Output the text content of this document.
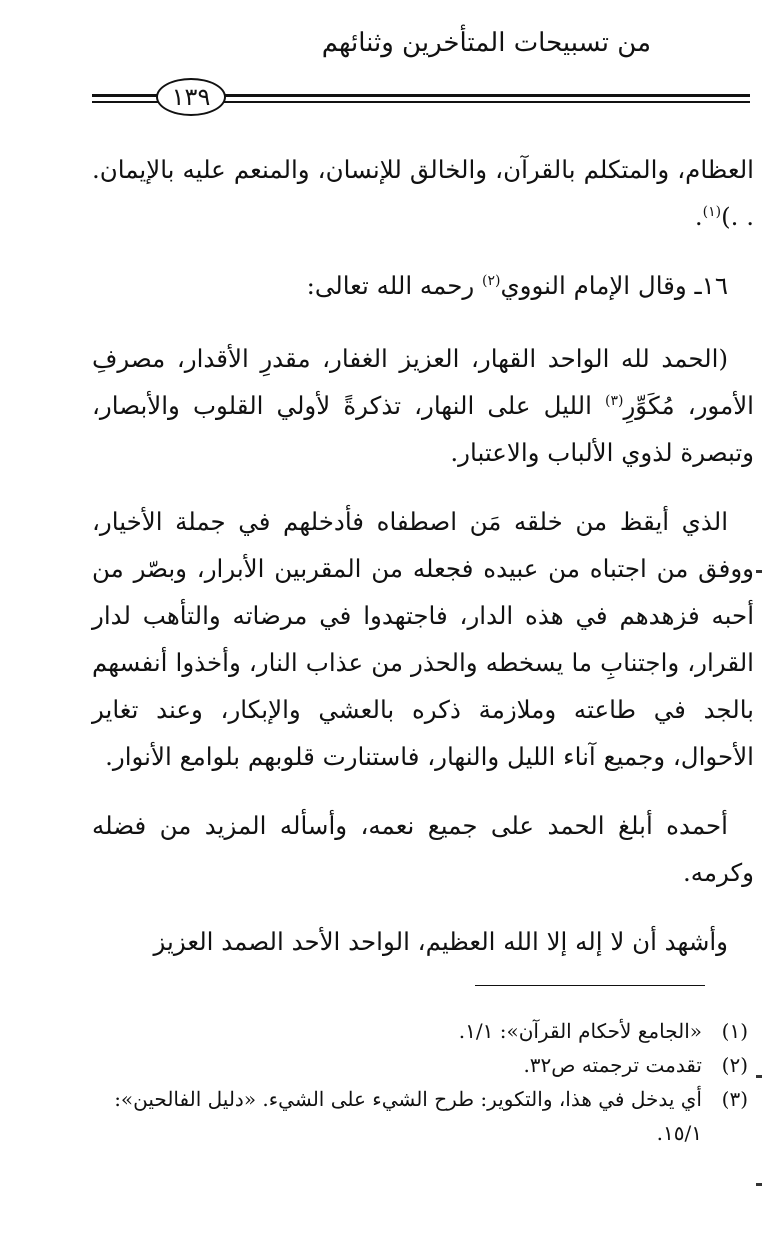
من تسبيحات المتأخرين وثنائهم
١٣٩

العظام، والمتكلم بالقرآن، والخالق للإنسان، والمنعم عليه بالإيمان. . .)$^{(١)}$.

١٦ـ وقال الإمام النووي$^{(٢)}$ رحمه الله تعالى:

(الحمد لله الواحد القهار، العزيز الغفار، مقدرِ الأقدار، مصرفِ الأمور، مُكَوِّرِ$^{(٣)}$ الليل على النهار، تذكرةً لأولي القلوب والأبصار، وتبصرة لذوي الألباب والاعتبار.

الذي أيقظ من خلقه مَن اصطفاه فأدخلهم في جملة الأخيار، ووفق من اجتباه من عبيده فجعله من المقربين الأبرار، وبصّر من أحبه فزهدهم في هذه الدار، فاجتهدوا في مرضاته والتأهب لدار القرار، واجتنابِ ما يسخطه والحذر من عذاب النار، وأخذوا أنفسهم بالجد في طاعته وملازمة ذكره بالعشي والإبكار، وعند تغاير الأحوال، وجميع آناء الليل والنهار، فاستنارت قلوبهم بلوامع الأنوار.

أحمده أبلغ الحمد على جميع نعمه، وأسأله المزيد من فضله وكرمه.

وأشهد أن لا إله إلا الله العظيم، الواحد الأحد الصمد العزيز

(١)
«الجامع لأحكام القرآن»: ١/١.
(٢)
تقدمت ترجمته ص٣٢.
(٣)
أي يدخل في هذا، والتكوير: طرح الشيء على الشيء. «دليل الفالحين»: ١٥/١.
